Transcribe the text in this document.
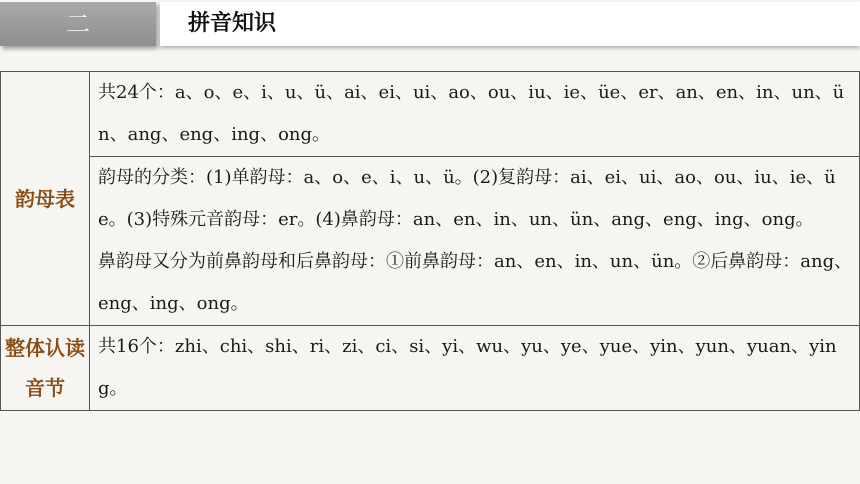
二	拼音知识
韵母表	共24个：a、o、e、i、u、ü、ai、ei、ui、ao、ou、iu、ie、üe、er、an、en、in、un、ün、ang、eng、ing、ong。

	韵母的分类：(1)单韵母：a、o、e、i、u、ü。(2)复韵母：ai、ei、ui、ao、ou、iu、ie、üe。(3)特殊元音韵母：er。(4)鼻韵母：an、en、in、un、ün、ang、eng、ing、ong。
鼻韵母又分为前鼻韵母和后鼻韵母：①前鼻韵母：an、en、in、un、ün。②后鼻韵母：ang、eng、ing、ong。

整体认读音节	共16个：zhi、chi、shi、ri、zi、ci、si、yi、wu、yu、ye、yue、yin、yun、yuan、ying。
